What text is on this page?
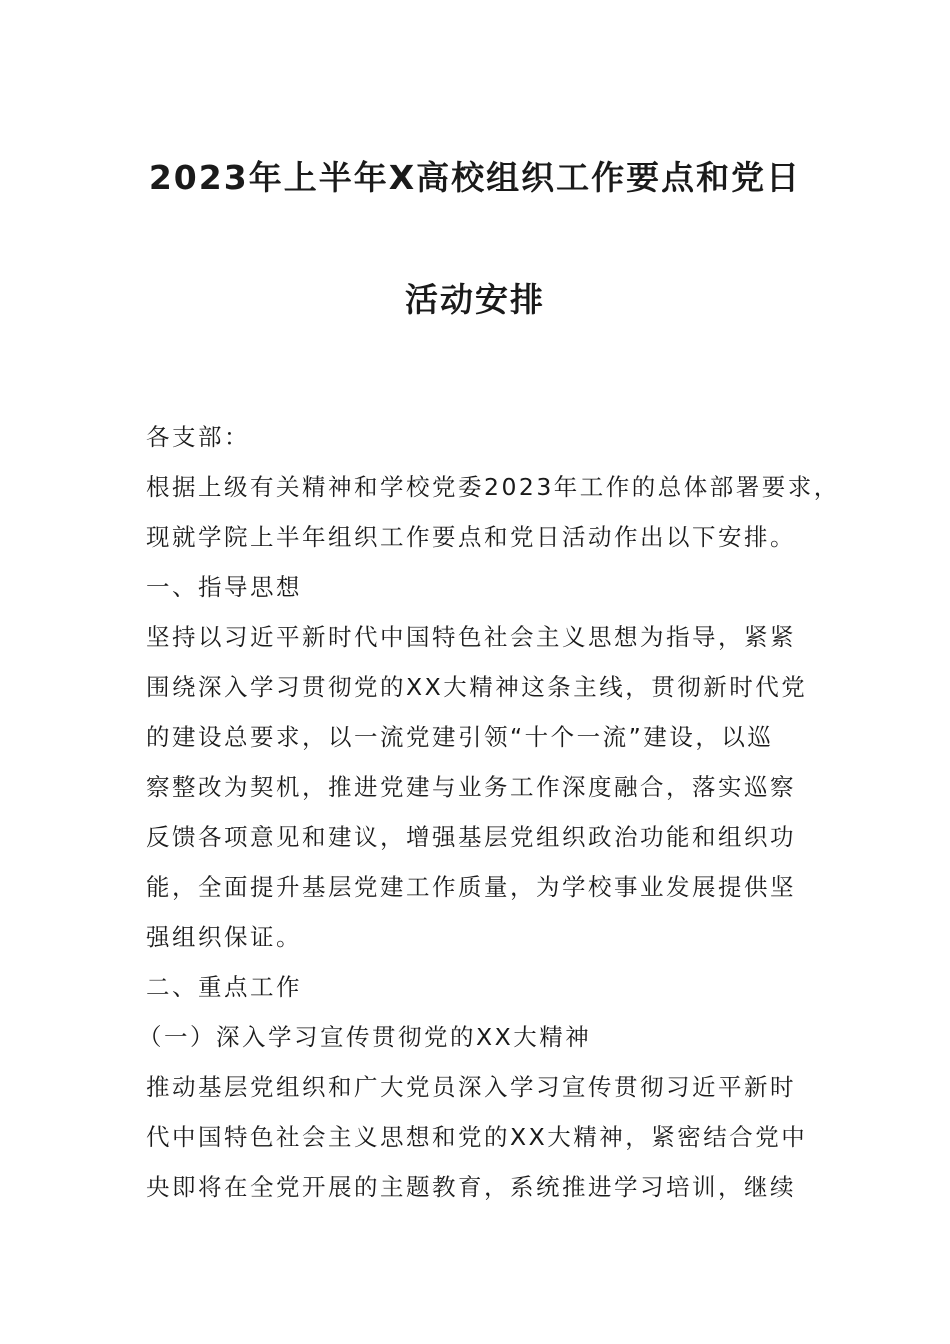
2023年上半年X高校组织工作要点和党日
活动安排

各支部：

根据上级有关精神和学校党委2023年工作的总体部署要求，

现就学院上半年组织工作要点和党日活动作出以下安排。

一、指导思想

坚持以习近平新时代中国特色社会主义思想为指导，紧紧

围绕深入学习贯彻党的XX大精神这条主线，贯彻新时代党

的建设总要求，以一流党建引领“十个一流”建设，以巡

察整改为契机，推进党建与业务工作深度融合，落实巡察

反馈各项意见和建议，增强基层党组织政治功能和组织功

能，全面提升基层党建工作质量，为学校事业发展提供坚

强组织保证。

二、重点工作

（一）深入学习宣传贯彻党的XX大精神

推动基层党组织和广大党员深入学习宣传贯彻习近平新时

代中国特色社会主义思想和党的XX大精神，紧密结合党中

央即将在全党开展的主题教育，系统推进学习培训，继续
